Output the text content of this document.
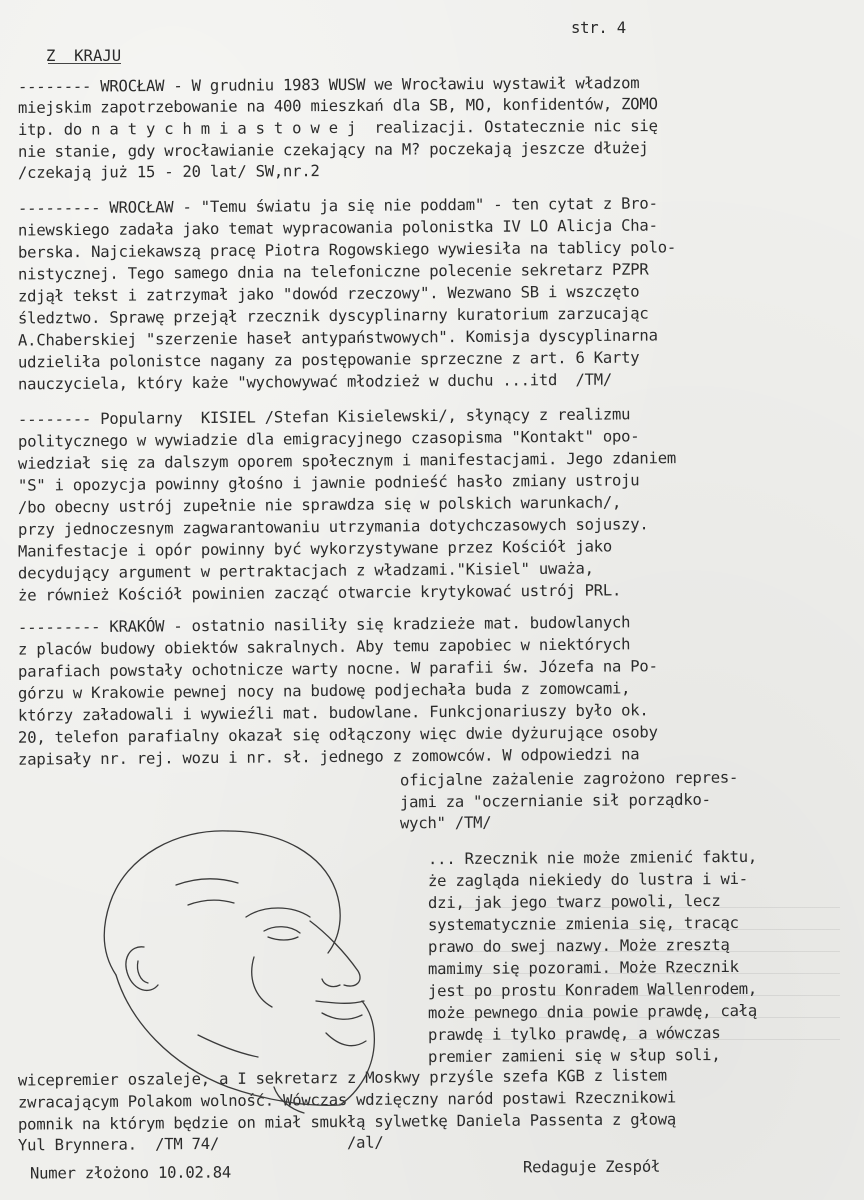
str. 4
Z  KRAJU
-------- WROCŁAW - W grudniu 1983 WUSW we Wrocławiu wystawił władzom
miejskim zapotrzebowanie na 400 mieszkań dla SB, MO, konfidentów, ZOMO
itp. do n a t y c h m i a s t o w e j  realizacji. Ostatecznie nic się
nie stanie, gdy wrocławianie czekający na M? poczekają jeszcze dłużej
/czekają już 15 - 20 lat/ SW,nr.2
--------- WROCŁAW - "Temu światu ja się nie poddam" - ten cytat z Bro-
niewskiego zadała jako temat wypracowania polonistka IV LO Alicja Cha-
berska. Najciekawszą pracę Piotra Rogowskiego wywiesiła na tablicy polo-
nistycznej. Tego samego dnia na telefoniczne polecenie sekretarz PZPR
zdjął tekst i zatrzymał jako "dowód rzeczowy". Wezwano SB i wszczęto
śledztwo. Sprawę przejął rzecznik dyscyplinarny kuratorium zarzucając
A.Chaberskiej "szerzenie haseł antypaństwowych". Komisja dyscyplinarna
udzieliła polonistce nagany za postępowanie sprzeczne z art. 6 Karty
nauczyciela, który każe "wychowywać młodzież w duchu ...itd  /TM/
-------- Popularny  KISIEL /Stefan Kisielewski/, słynący z realizmu
politycznego w wywiadzie dla emigracyjnego czasopisma "Kontakt" opo-
wiedział się za dalszym oporem społecznym i manifestacjami. Jego zdaniem
"S" i opozycja powinny głośno i jawnie podnieść hasło zmiany ustroju
/bo obecny ustrój zupełnie nie sprawdza się w polskich warunkach/,
przy jednoczesnym zagwarantowaniu utrzymania dotychczasowych sojuszy.
Manifestacje i opór powinny być wykorzystywane przez Kościół jako
decydujący argument w pertraktacjach z władzami."Kisiel" uważa,
że również Kościół powinien zacząć otwarcie krytykować ustrój PRL.
--------- KRAKÓW - ostatnio nasiliły się kradzieże mat. budowlanych
z placów budowy obiektów sakralnych. Aby temu zapobiec w niektórych
parafiach powstały ochotnicze warty nocne. W parafii św. Józefa na Po-
górzu w Krakowie pewnej nocy na budowę podjechała buda z zomowcami,
którzy załadowali i wywieźli mat. budowlane. Funkcjonariuszy było ok.
20, telefon parafialny okazał się odłączony więc dwie dyżurujące osoby
zapisały nr. rej. wozu i nr. sł. jednego z zomowców. W odpowiedzi na
oficjalne zażalenie zagrożono repres-
jami za "oczernianie sił porządko-
wych" /TM/
... Rzecznik nie może zmienić faktu,
że zagląda niekiedy do lustra i wi-
dzi, jak jego twarz powoli, lecz
systematycznie zmienia się, tracąc
prawo do swej nazwy. Może zresztą
mamimy się pozorami. Może Rzecznik
jest po prostu Konradem Wallenrodem,
może pewnego dnia powie prawdę, całą
prawdę i tylko prawdę, a wówczas
premier zamieni się w słup soli,
wicepremier oszaleje, a I sekretarz z Moskwy przyśle szefa KGB z listem
zwracającym Polakom wolność. Wówczas wdzięczny naród postawi Rzecznikowi
pomnik na którym będzie on miał smukłą sylwetkę Daniela Passenta z głową
Yul Brynnera.  /TM 74/              /al/
Numer złożono 10.02.84	Redaguje Zespół
